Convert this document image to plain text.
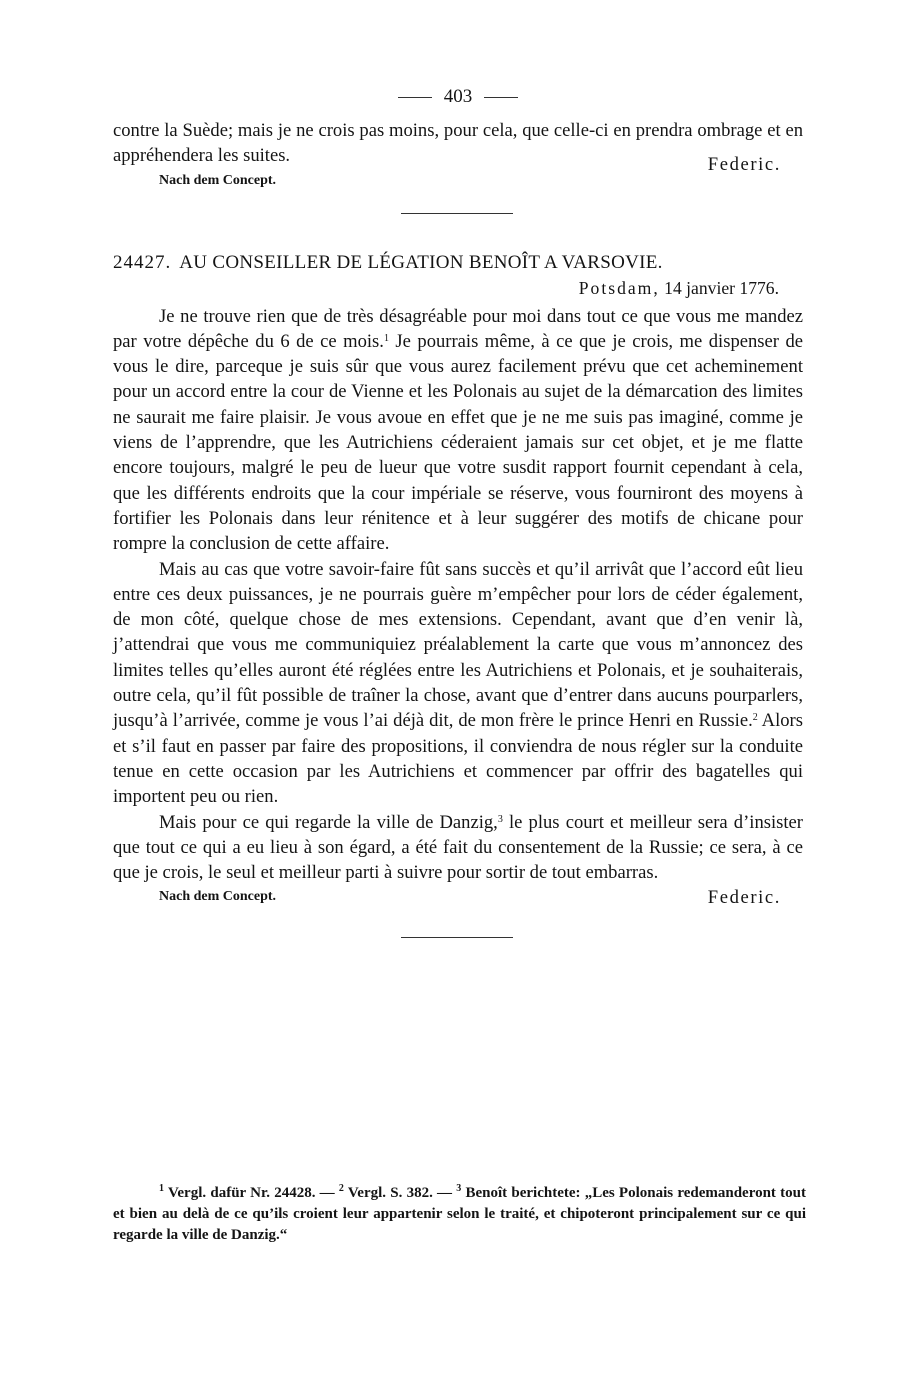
403

contre la Suède; mais je ne crois pas moins, pour cela, que celle-ci en prendra ombrage et en appréhendera les suites.	Federic.
Nach dem Concept.
24427. AU CONSEILLER DE LÉGATION BENOÎT A VARSOVIE.
Potsdam, 14 janvier 1776.

Je ne trouve rien que de très désagréable pour moi dans tout ce que vous me mandez par votre dépêche du 6 de ce mois.$^1$ Je pourrais même, à ce que je crois, me dispenser de vous le dire, parceque je suis sûr que vous aurez facilement prévu que cet acheminement pour un accord entre la cour de Vienne et les Polonais au sujet de la démarcation des limites ne saurait me faire plaisir. Je vous avoue en effet que je ne me suis pas imaginé, comme je viens de l’apprendre, que les Autrichiens céderaient jamais sur cet objet, et je me flatte encore toujours, malgré le peu de lueur que votre susdit rapport fournit cependant à cela, que les différents endroits que la cour impériale se réserve, vous fourniront des moyens à fortifier les Polonais dans leur rénitence et à leur suggérer des motifs de chicane pour rompre la conclusion de cette affaire.

Mais au cas que votre savoir-faire fût sans succès et qu’il arrivât que l’accord eût lieu entre ces deux puissances, je ne pourrais guère m’empêcher pour lors de céder également, de mon côté, quelque chose de mes extensions. Cependant, avant que d’en venir là, j’attendrai que vous me communiquiez préalablement la carte que vous m’annoncez des limites telles qu’elles auront été réglées entre les Autrichiens et Polonais, et je souhaiterais, outre cela, qu’il fût possible de traîner la chose, avant que d’entrer dans aucuns pourparlers, jusqu’à l’arrivée, comme je vous l’ai déjà dit, de mon frère le prince Henri en Russie.$^2$ Alors et s’il faut en passer par faire des propositions, il conviendra de nous régler sur la conduite tenue en cette occasion par les Autrichiens et commencer par offrir des bagatelles qui importent peu ou rien.

Mais pour ce qui regarde la ville de Danzig,$^3$ le plus court et meilleur sera d’insister que tout ce qui a eu lieu à son égard, a été fait du consentement de la Russie; ce sera, à ce que je crois, le seul et meilleur parti à suivre pour sortir de tout embarras.

Federic.
Nach dem Concept.

$^1$ Vergl. dafür Nr. 24428. — $^2$ Vergl. S. 382. — $^3$ Benoît berichtete: „Les Polonais redemanderont tout et bien au delà de ce qu’ils croient leur appartenir selon le traité, et chipoteront principalement sur ce qui regarde la ville de Danzig.“
